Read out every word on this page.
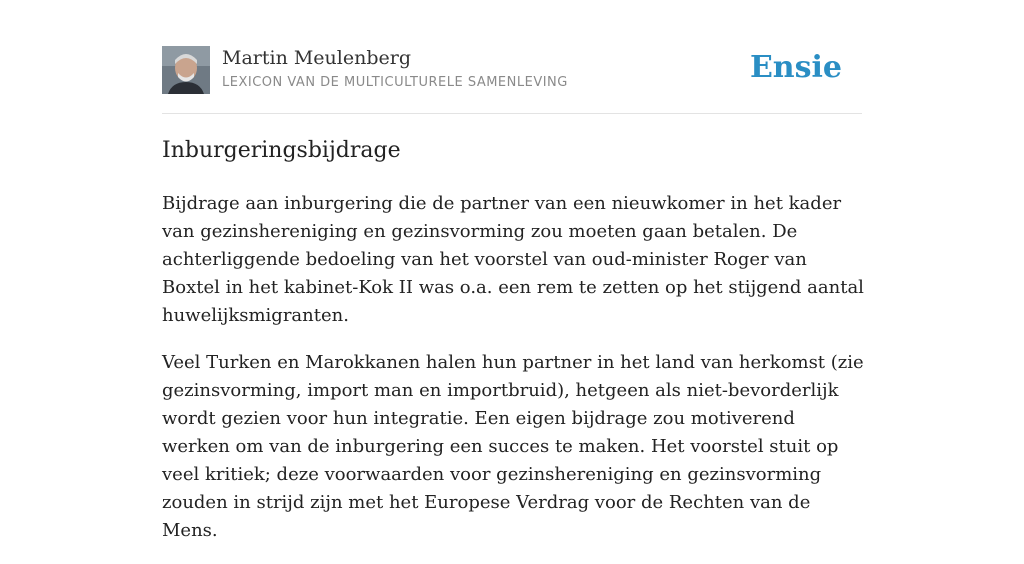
Martin Meulenberg
LEXICON VAN DE MULTICULTURELE SAMENLEVING	Ensie
Inburgeringsbijdrage

Bijdrage aan inburgering die de partner van een nieuwkomer in het kader van gezinshereniging en gezinsvorming zou moeten gaan betalen. De achterliggende bedoeling van het voorstel van oud-minister Roger van Boxtel in het kabinet-Kok II was o.a. een rem te zetten op het stijgend aantal huwelijksmigranten.

Veel Turken en Marokkanen halen hun partner in het land van herkomst (zie gezinsvorming, import man en importbruid), hetgeen als niet-bevorderlijk wordt gezien voor hun integratie. Een eigen bijdrage zou motiverend werken om van de inburgering een succes te maken. Het voorstel stuit op veel kritiek; deze voorwaarden voor gezinshereniging en gezinsvorming zouden in strijd zijn met het Europese Verdrag voor de Rechten van de Mens.
